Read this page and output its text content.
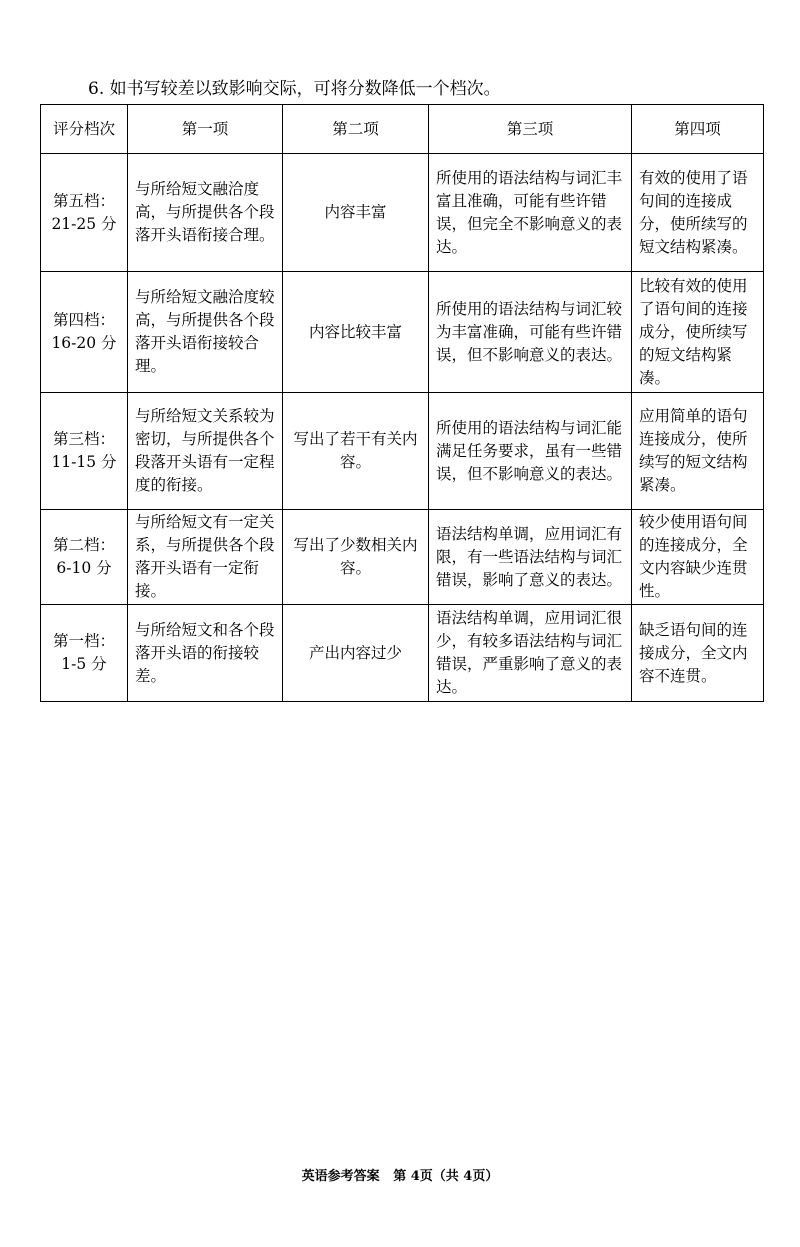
6. 如书写较差以致影响交际，可将分数降低一个档次。
评分档次	第一项	第二项	第三项	第四项

第五档：
21-25 分	与所给短文融洽度高，与所提供各个段落开头语衔接合理。	内容丰富	所使用的语法结构与词汇丰富且准确，可能有些许错误，但完全不影响意义的表达。	有效的使用了语句间的连接成分，使所续写的短文结构紧凑。

第四档：
16-20 分	与所给短文融洽度较高，与所提供各个段落开头语衔接较合理。	内容比较丰富	所使用的语法结构与词汇较为丰富准确，可能有些许错误，但不影响意义的表达。	比较有效的使用了语句间的连接成分，使所续写的短文结构紧凑。

第三档：
11-15 分	与所给短文关系较为密切，与所提供各个段落开头语有一定程度的衔接。	写出了若干有关内容。	所使用的语法结构与词汇能满足任务要求，虽有一些错误，但不影响意义的表达。	应用简单的语句连接成分，使所续写的短文结构紧凑。

第二档：
6-10 分	与所给短文有一定关系，与所提供各个段落开头语有一定衔接。	写出了少数相关内容。	语法结构单调，应用词汇有限，有一些语法结构与词汇错误，影响了意义的表达。	较少使用语句间的连接成分，全文内容缺少连贯性。

第一档：
1-5 分	与所给短文和各个段落开头语的衔接较差。	产出内容过少	语法结构单调，应用词汇很少，有较多语法结构与词汇错误，严重影响了意义的表达。	缺乏语句间的连接成分，全文内容不连贯。
英语参考答案   第 4页（共 4页）
